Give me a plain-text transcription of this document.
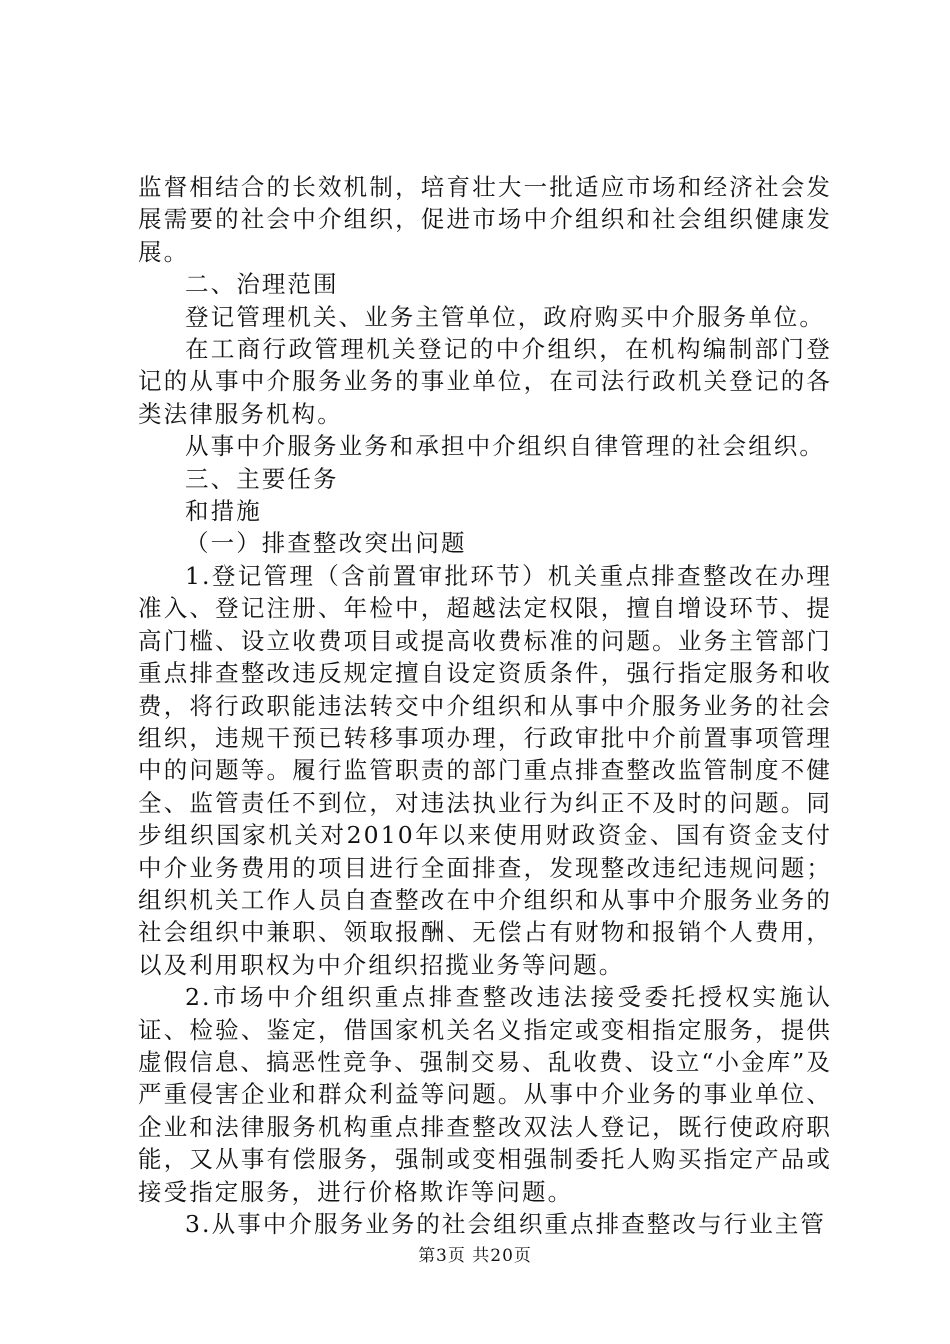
监督相结合的长效机制，培育壮大一批适应市场和经济社会发展需要的社会中介组织，促进市场中介组织和社会组织健康发展。

二、治理范围

登记管理机关、业务主管单位，政府购买中介服务单位。

在工商行政管理机关登记的中介组织，在机构编制部门登记的从事中介服务业务的事业单位，在司法行政机关登记的各类法律服务机构。

从事中介服务业务和承担中介组织自律管理的社会组织。

三、主要任务

和措施

（一）排查整改突出问题

1.登记管理（含前置审批环节）机关重点排查整改在办理准入、登记注册、年检中，超越法定权限，擅自增设环节、提高门槛、设立收费项目或提高收费标准的问题。业务主管部门重点排查整改违反规定擅自设定资质条件，强行指定服务和收费，将行政职能违法转交中介组织和从事中介服务业务的社会组织，违规干预已转移事项办理，行政审批中介前置事项管理中的问题等。履行监管职责的部门重点排查整改监管制度不健全、监管责任不到位，对违法执业行为纠正不及时的问题。同步组织国家机关对2010年以来使用财政资金、国有资金支付中介业务费用的项目进行全面排查，发现整改违纪违规问题；组织机关工作人员自查整改在中介组织和从事中介服务业务的社会组织中兼职、领取报酬、无偿占有财物和报销个人费用，以及利用职权为中介组织招揽业务等问题。

2.市场中介组织重点排查整改违法接受委托授权实施认证、检验、鉴定，借国家机关名义指定或变相指定服务，提供虚假信息、搞恶性竞争、强制交易、乱收费、设立“小金库”及严重侵害企业和群众利益等问题。从事中介业务的事业单位、企业和法律服务机构重点排查整改双法人登记，既行使政府职能，又从事有偿服务，强制或变相强制委托人购买指定产品或接受指定服务，进行价格欺诈等问题。

3.从事中介服务业务的社会组织重点排查整改与行业主管

第3页 共20页
